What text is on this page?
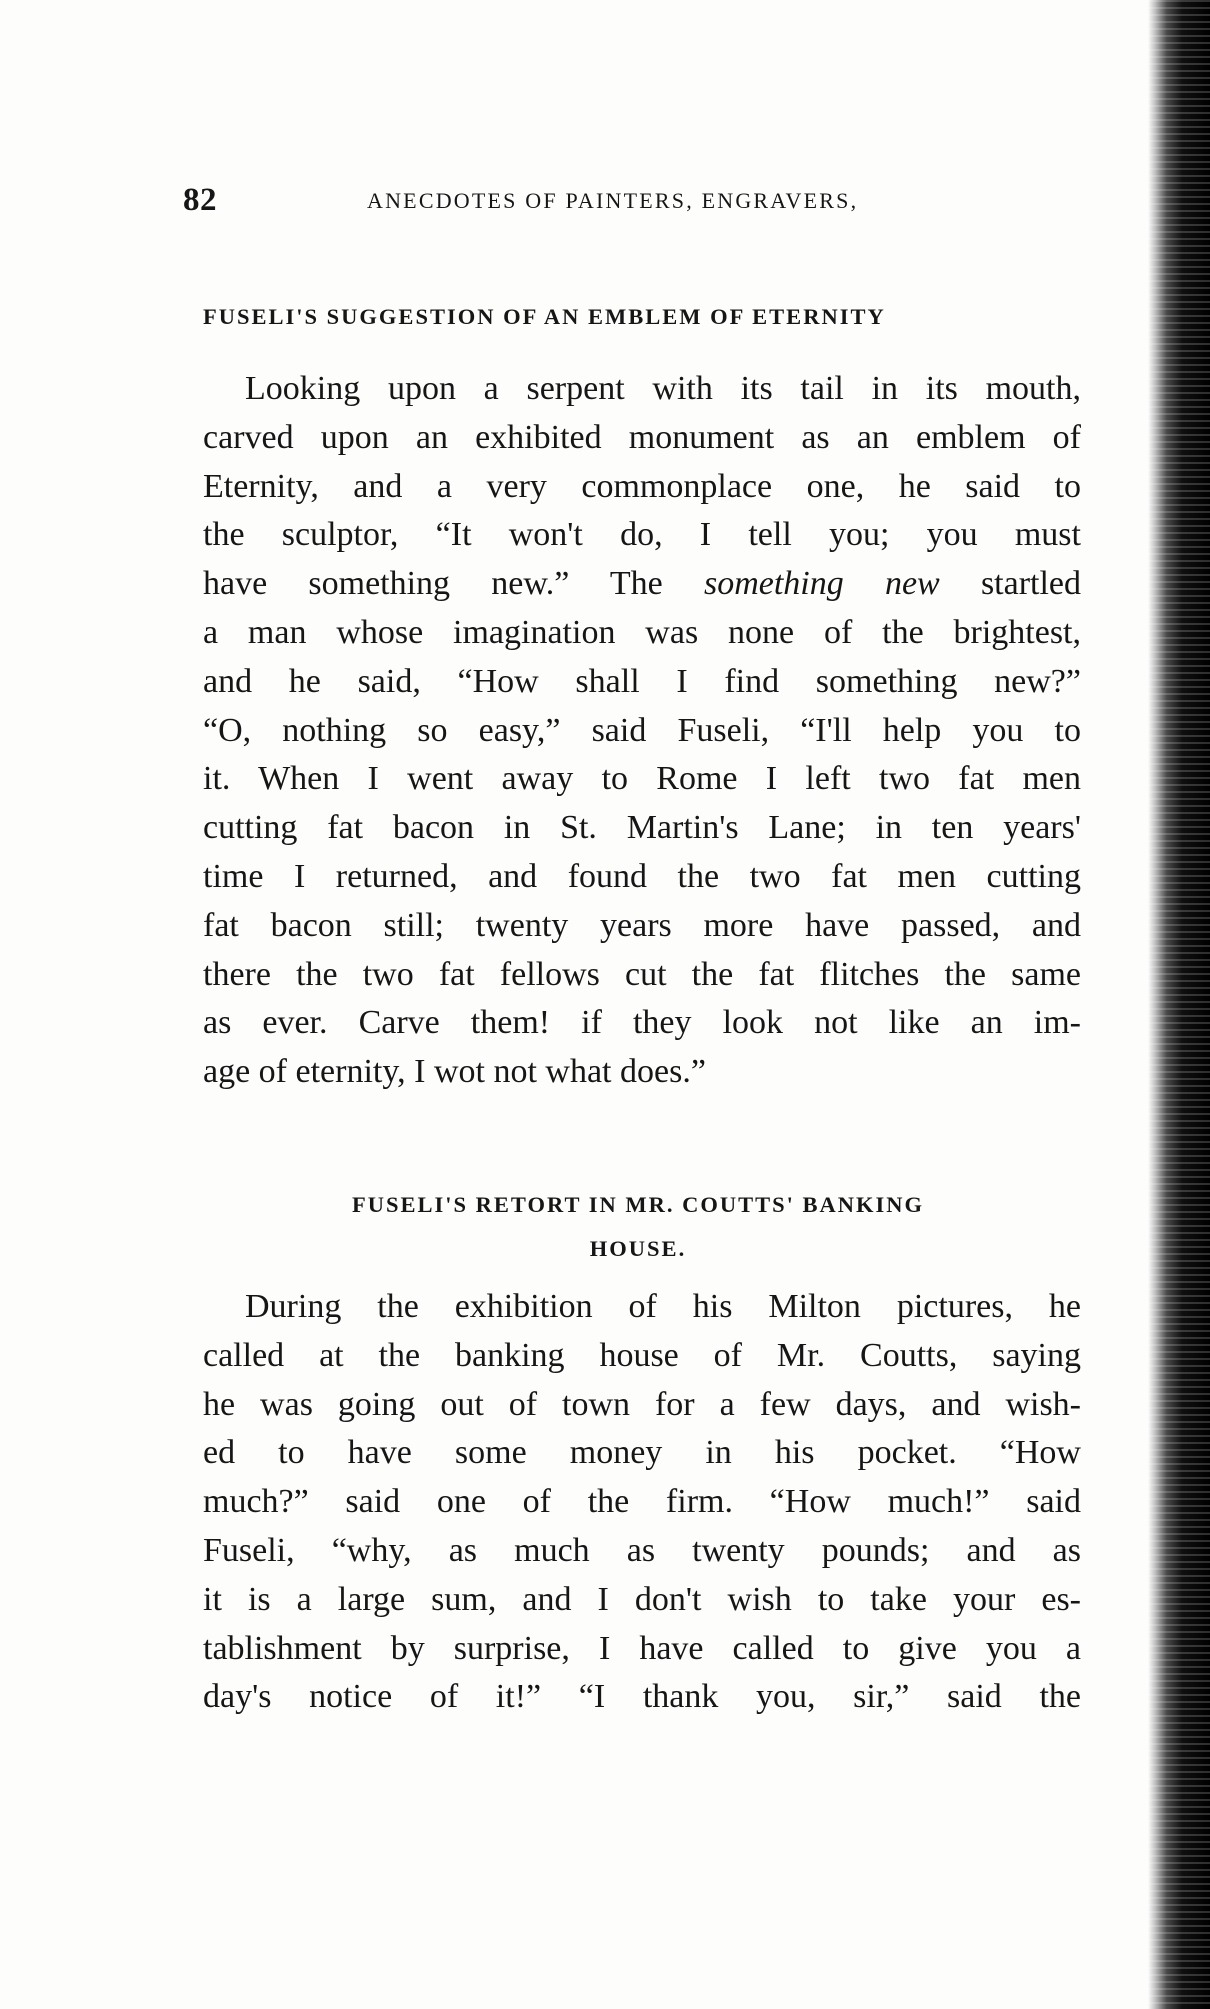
82	ANECDOTES OF PAINTERS, ENGRAVERS,
FUSELI'S SUGGESTION OF AN EMBLEM OF ETERNITY
Looking upon a serpent with its tail in its mouth,
carved upon an exhibited monument as an emblem of
Eternity, and a very commonplace one, he said to
the sculptor, “It won't do, I tell you; you must
have something new.” The something new startled
a man whose imagination was none of the brightest,
and he said, “How shall I find something new?”
“O, nothing so easy,” said Fuseli, “I'll help you to
it. When I went away to Rome I left two fat men
cutting fat bacon in St. Martin's Lane; in ten years'
time I returned, and found the two fat men cutting
fat bacon still; twenty years more have passed, and
there the two fat fellows cut the fat flitches the same
as ever. Carve them! if they look not like an im-
age of eternity, I wot not what does.”
FUSELI'S RETORT IN MR. COUTTS' BANKING
HOUSE.
During the exhibition of his Milton pictures, he
called at the banking house of Mr. Coutts, saying
he was going out of town for a few days, and wish-
ed to have some money in his pocket. “How
much?” said one of the firm. “How much!” said
Fuseli, “why, as much as twenty pounds; and as
it is a large sum, and I don't wish to take your es-
tablishment by surprise, I have called to give you a
day's notice of it!” “I thank you, sir,” said the
